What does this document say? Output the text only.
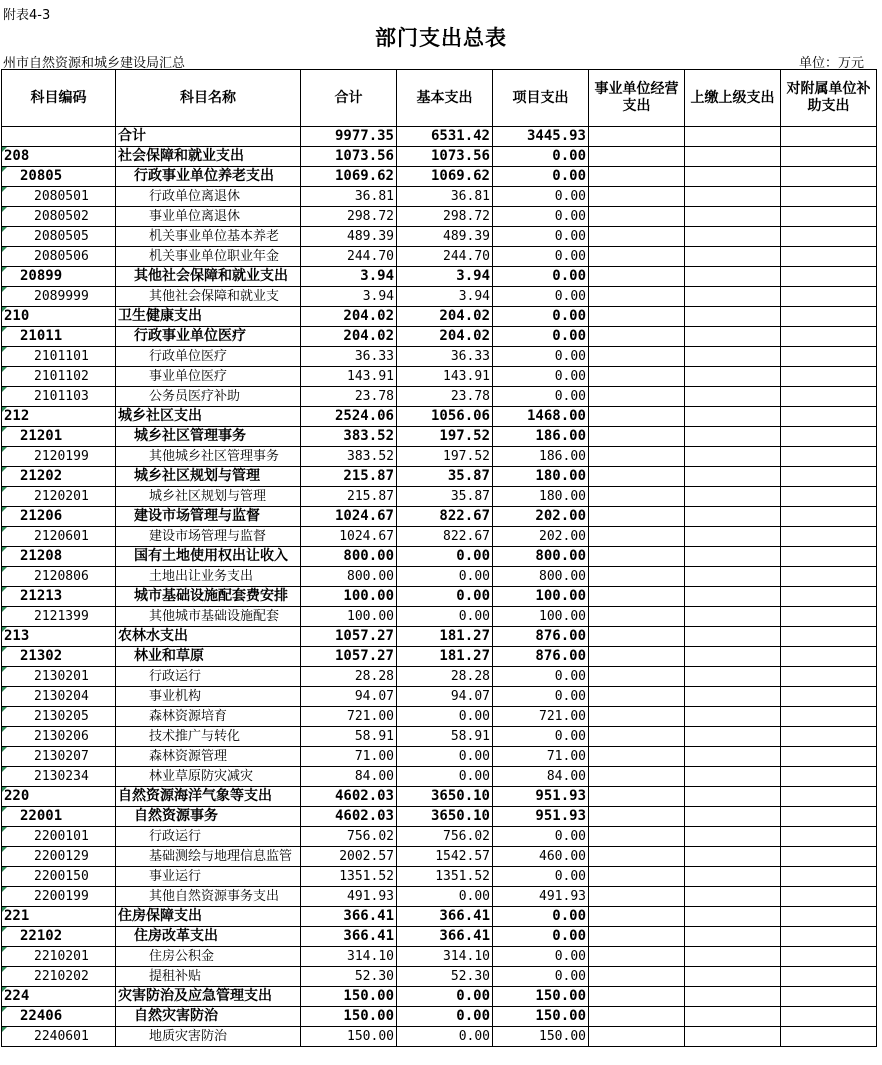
附表4-3
部门支出总表
州市自然资源和城乡建设局汇总	单位：万元
科目编码	科目名称	合计	基本支出	项目支出	事业单位经营支出	上缴上级支出	对附属单位补助支出
	合计	9977.35	6531.42	3445.93			
208	社会保障和就业支出	1073.56	1073.56	0.00			
20805	行政事业单位养老支出	1069.62	1069.62	0.00			
2080501	行政单位离退休	36.81	36.81	0.00			
2080502	事业单位离退休	298.72	298.72	0.00			
2080505	机关事业单位基本养老	489.39	489.39	0.00			
2080506	机关事业单位职业年金	244.70	244.70	0.00			
20899	其他社会保障和就业支出	3.94	3.94	0.00			
2089999	其他社会保障和就业支	3.94	3.94	0.00			
210	卫生健康支出	204.02	204.02	0.00			
21011	行政事业单位医疗	204.02	204.02	0.00			
2101101	行政单位医疗	36.33	36.33	0.00			
2101102	事业单位医疗	143.91	143.91	0.00			
2101103	公务员医疗补助	23.78	23.78	0.00			
212	城乡社区支出	2524.06	1056.06	1468.00			
21201	城乡社区管理事务	383.52	197.52	186.00			
2120199	其他城乡社区管理事务	383.52	197.52	186.00			
21202	城乡社区规划与管理	215.87	35.87	180.00			
2120201	城乡社区规划与管理	215.87	35.87	180.00			
21206	建设市场管理与监督	1024.67	822.67	202.00			
2120601	建设市场管理与监督	1024.67	822.67	202.00			
21208	国有土地使用权出让收入	800.00	0.00	800.00			
2120806	土地出让业务支出	800.00	0.00	800.00			
21213	城市基础设施配套费安排	100.00	0.00	100.00			
2121399	其他城市基础设施配套	100.00	0.00	100.00			
213	农林水支出	1057.27	181.27	876.00			
21302	林业和草原	1057.27	181.27	876.00			
2130201	行政运行	28.28	28.28	0.00			
2130204	事业机构	94.07	94.07	0.00			
2130205	森林资源培育	721.00	0.00	721.00			
2130206	技术推广与转化	58.91	58.91	0.00			
2130207	森林资源管理	71.00	0.00	71.00			
2130234	林业草原防灾减灾	84.00	0.00	84.00			
220	自然资源海洋气象等支出	4602.03	3650.10	951.93			
22001	自然资源事务	4602.03	3650.10	951.93			
2200101	行政运行	756.02	756.02	0.00			
2200129	基础测绘与地理信息监管	2002.57	1542.57	460.00			
2200150	事业运行	1351.52	1351.52	0.00			
2200199	其他自然资源事务支出	491.93	0.00	491.93			
221	住房保障支出	366.41	366.41	0.00			
22102	住房改革支出	366.41	366.41	0.00			
2210201	住房公积金	314.10	314.10	0.00			
2210202	提租补贴	52.30	52.30	0.00			
224	灾害防治及应急管理支出	150.00	0.00	150.00			
22406	自然灾害防治	150.00	0.00	150.00			
2240601	地质灾害防治	150.00	0.00	150.00			
